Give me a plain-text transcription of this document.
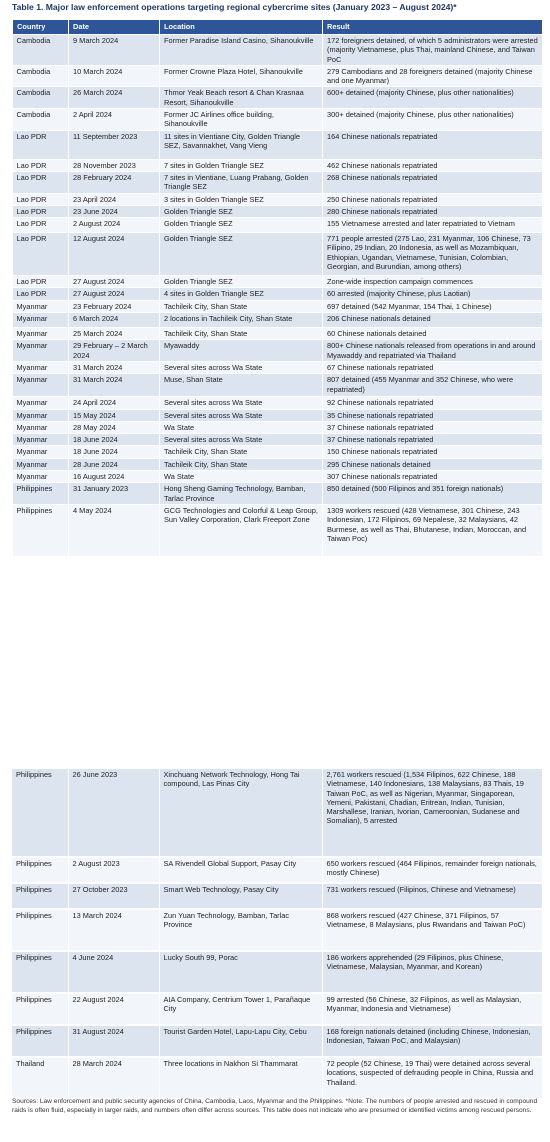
Table 1. Major law enforcement operations targeting regional cybercrime sites (January 2023 – August 2024)*
Country	Date	Location	Result
Cambodia	9 March 2024	Former Paradise Island Casino, Sihanoukville	172 foreigners detained, of which 5 administrators were arrested (majority Vietnamese, plus Thai, mainland Chinese, and Taiwan PoC
Cambodia	10 March 2024	Former Crowne Plaza Hotel, Sihanoukville	279 Cambodians and 28 foreigners detained (majority Chinese and one Myanmar)
Cambodia	26 March 2024	Thmor Yeak Beach resort & Chan Krasnaa Resort, Sihanoukville	600+ detained (majority Chinese, plus other nationalities)
Cambodia	2 April 2024	Former JC Airlines office building, Sihanoukville	300+ detained (majority Chinese, plus other nationalities)
Lao PDR	11 September 2023	11 sites in Vientiane City, Golden Triangle SEZ, Savannakhet, Vang Vieng	164 Chinese nationals repatriated
Lao PDR	28 November 2023	7 sites in Golden Triangle SEZ	462 Chinese nationals repatriated
Lao PDR	28 February 2024	7 sites in Vientiane, Luang Prabang, Golden Triangle SEZ	268 Chinese nationals repatriated
Lao PDR	23 April 2024	3 sites in Golden Triangle SEZ	250 Chinese nationals repatriated
Lao PDR	23 June 2024	Golden Triangle SEZ	280 Chinese nationals repatriated
Lao PDR	2 August 2024	Golden Triangle SEZ	155 Vietnamese arrested and later repatriated to Vietnam
Lao PDR	12 August 2024	Golden Triangle SEZ	771 people arrested (275 Lao, 231 Myanmar, 106 Chinese, 73 Filipino, 29 Indian, 20 Indonesia, as well as Mozambiquan, Ethiopian, Ugandan, Vietnamese, Tunisian, Colombian, Georgian, and Burundian, among others)
Lao PDR	27 August 2024	Golden Triangle SEZ	Zone-wide inspection campaign commences
Lao PDR	27 August 2024	4 sites in Golden Triangle SEZ	60 arrested (majority Chinese, plus Laotian)
Myanmar	23 February 2024	Tachileik City, Shan State	697 detained (542 Myanmar, 154 Thai, 1 Chinese)
Myanmar	6 March 2024	2 locations in Tachileik City, Shan State	206 Chinese nationals detained
Myanmar	25 March 2024	Tachileik City, Shan State	60 Chinese nationals detained
Myanmar	29 February – 2 March 2024	Myawaddy	800+ Chinese nationals released from operations in and around Myawaddy and repatriated via Thailand
Myanmar	31 March 2024	Several sites across Wa State	67 Chinese nationals repatriated
Myanmar	31 March 2024	Muse, Shan State	807 detained (455 Myanmar and 352 Chinese, who were repatriated)
Myanmar	24 April 2024	Several sites across Wa State	92 Chinese nationals repatriated
Myanmar	15 May 2024	Several sites across Wa State	35 Chinese nationals repatriated
Myanmar	28 May 2024	Wa State	37 Chinese nationals repatriated
Myanmar	18 June 2024	Several sites across Wa State	37 Chinese nationals repatriated
Myanmar	18 June 2024	Tachileik City, Shan State	150 Chinese nationals repatriated
Myanmar	28 June 2024	Tachileik City, Shan State	295 Chinese nationals detained
Myanmar	16 August 2024	Wa State	307 Chinese nationals repatriated
Philippines	31 January 2023	Hong Sheng Gaming Technology, Bamban, Tarlac Province	850 detained (500 Filipinos and 351 foreign nationals)
Philippines	4 May 2024	GCG Technologies and Colorful & Leap Group, Sun Valley Corporation, Clark Freeport Zone	1309 workers rescued (428 Vietnamese, 301 Chinese, 243 Indonesian, 172 Filipinos, 69 Nepalese, 32 Malaysians, 42 Burmese, as well as Thai, Bhutanese, Indian, Moroccan, and Taiwan Poc)
Philippines	26 June 2023	Xinchuang Network Technology, Hong Tai compound, Las Pinas City	2,761 workers rescued (1,534 Filipinos, 622 Chinese, 188 Vietnamese, 140 Indonesians, 138 Malaysians, 83 Thais, 19 Taiwan PoC, as well as Nigerian, Myanmar, Singaporean, Yemeni, Pakistani, Chadian, Eritrean, Indian, Tunisian, Marshallese, Iranian, Ivorian, Cameroonian, Sudanese and Somalian), 5 arrested
Philippines	2 August 2023	SA Rivendell Global Support, Pasay City	650 workers rescued (464 Filipinos, remainder foreign nationals, mostly Chinese)
Philippines	27 October 2023	Smart Web Technology, Pasay City	731 workers rescued (Filipinos, Chinese and Vietnamese)
Philippines	13 March 2024	Zun Yuan Technology, Bamban, Tarlac Province	868 workers rescued (427 Chinese, 371 Filipinos, 57 Vietnamese, 8 Malaysians, plus Rwandans and Taiwan PoC)
Philippines	4 June 2024	Lucky South 99, Porac	186 workers apprehended (29 Filipinos, plus Chinese, Vietnamese, Malaysian, Myanmar, and Korean)
Philippines	22 August 2024	AIA Company, Centrium Tower 1, Parañaque City	99 arrested (56 Chinese, 32 Filipinos, as well as Malaysian, Myanmar, Indonesia and Vietnamese)
Philippines	31 August 2024	Tourist Garden Hotel, Lapu-Lapu City, Cebu	168 foreign nationals detained (including Chinese, Indonesian, Indonesian, Taiwan PoC, and Malaysian)
Thailand	28 March 2024	Three locations in Nakhon Si Thammarat	72 people (52 Chinese, 19 Thai) were detained across several locations, suspected of defrauding people in China, Russia and Thailand.
Sources: Law enforcement and public security agencies of China, Cambodia, Laos, Myanmar and the Philippines. *Note: The numbers of people arrested and rescued in compound raids is often fluid, especially in larger raids, and numbers often differ across sources. This table does not indicate who are presumed or identified victims among rescued persons.
